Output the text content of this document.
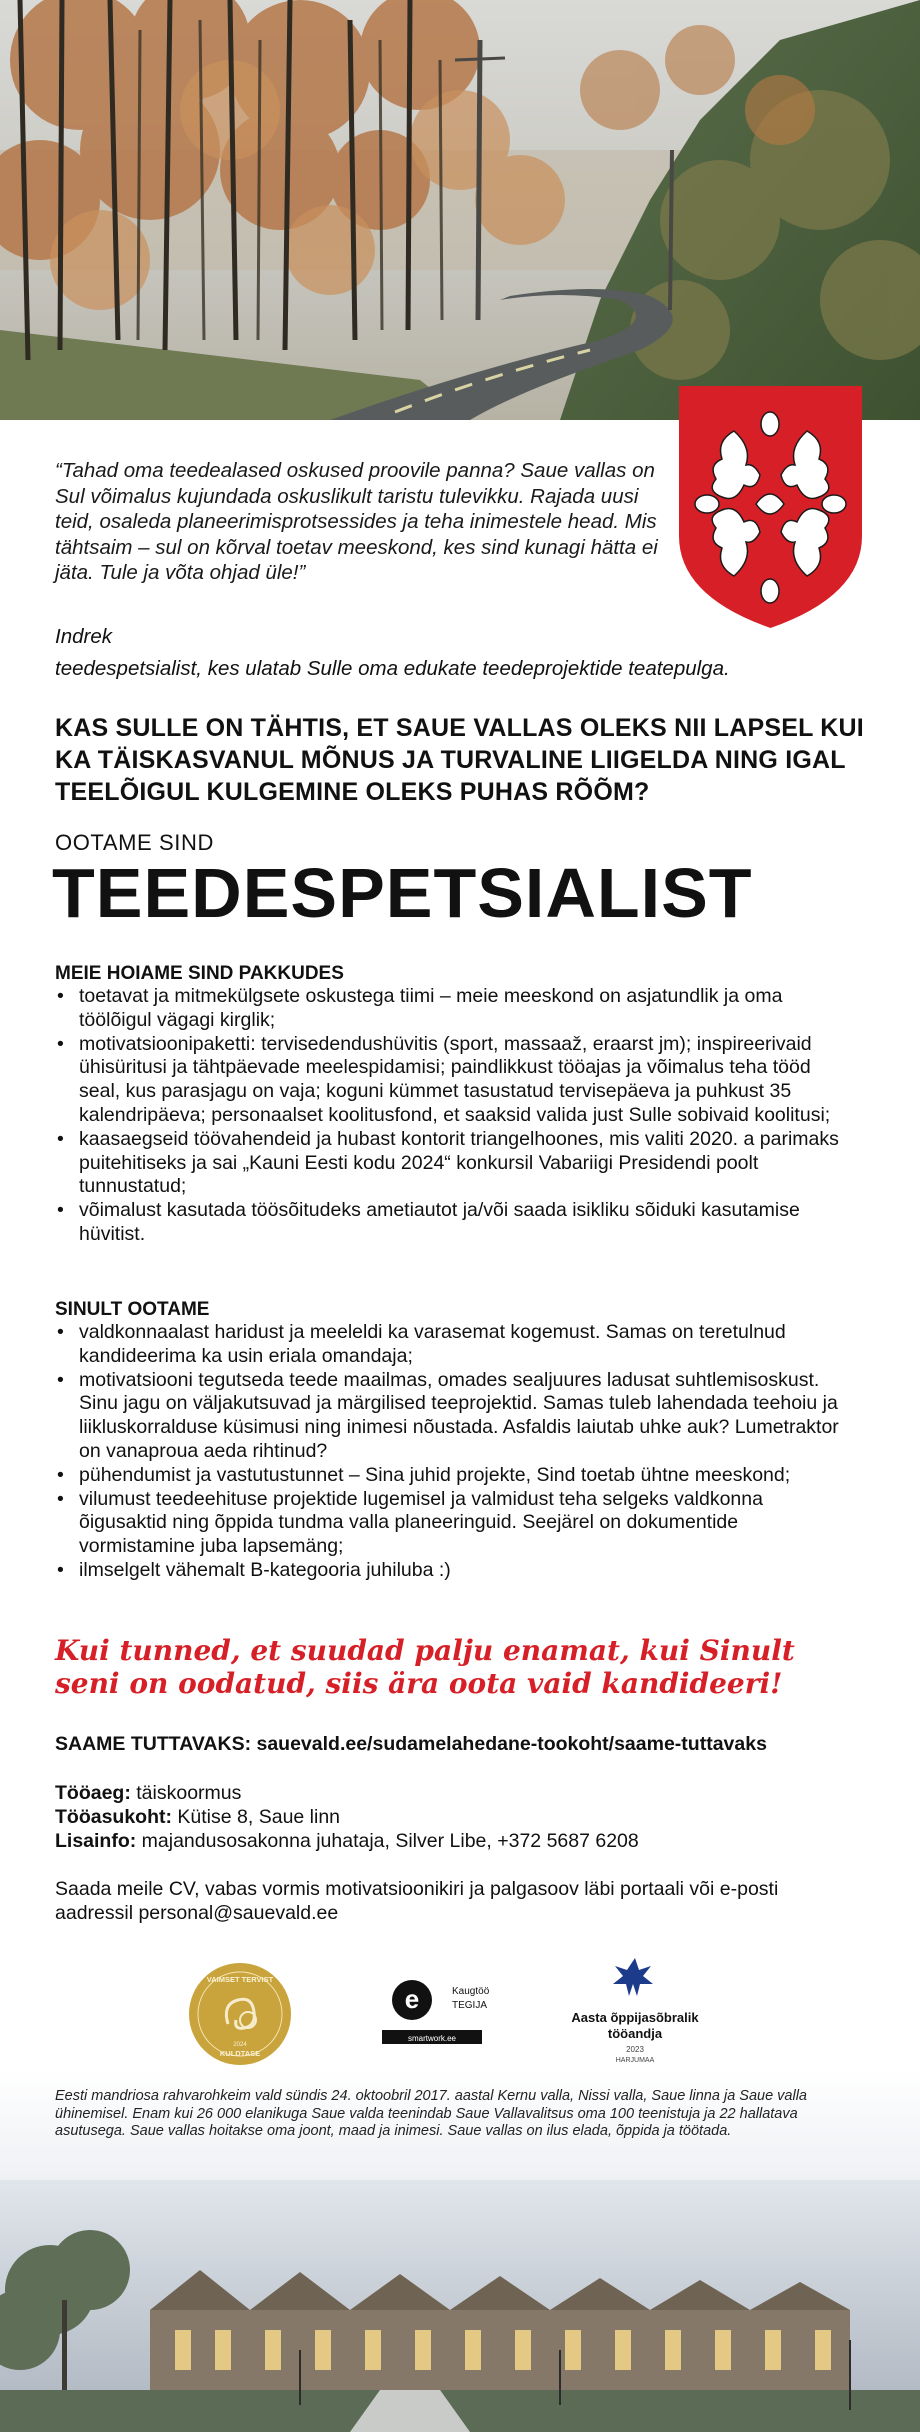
“Tahad oma teedealased oskused proovile panna? Saue vallas on Sul võimalus kujundada oskuslikult taristu tulevikku. Rajada uusi teid, osaleda planeerimisprotsessides ja teha inimestele head. Mis tähtsaim – sul on kõrval toetav meeskond, kes sind kunagi hätta ei jäta. Tule ja võta ohjad üle!”

Indrek

teedespetsialist, kes ulatab Sulle oma edukate teedeprojektide teatepulga.

KAS SULLE ON TÄHTIS, ET SAUE VALLAS OLEKS NII LAPSEL KUI KA TÄISKASVANUL MÕNUS JA TURVALINE LIIGELDA NING IGAL TEELÕIGUL KULGEMINE OLEKS PUHAS RÕÕM?
OOTAME SIND
TEEDESPETSIALIST
MEIE HOIAME SIND PAKKUDES
• toetavat ja mitmekülgsete oskustega tiimi – meie meeskond on asjatundlik ja oma töölõigul vägagi kirglik;
• motivatsioonipaketti: tervisedendushüvitis (sport, massaaž, eraarst jm); inspireerivaid ühisüritusi ja tähtpäevade meelespidamisi; paindlikkust tööajas ja võimalus teha tööd seal, kus parasjagu on vaja; koguni kümmet tasustatud tervisepäeva ja puhkust 35 kalendripäeva; personaalset koolitusfond, et saaksid valida just Sulle sobivaid koolitusi;
• kaasaegseid töövahendeid ja hubast kontorit triangelhoones, mis valiti 2020. a parimaks puitehitiseks ja sai „Kauni Eesti kodu 2024“ konkursil Vabariigi Presidendi poolt tunnustatud;
• võimalust kasutada töösõitudeks ametiautot ja/või saada isikliku sõiduki kasutamise hüvitist.
SINULT OOTAME
• valdkonnaalast haridust ja meeleldi ka varasemat kogemust. Samas on teretulnud kandideerima ka usin eriala omandaja;
• motivatsiooni tegutseda teede maailmas, omades sealjuures ladusat suhtlemisoskust. Sinu jagu on väljakutsuvad ja märgilised teeprojektid. Samas tuleb lahendada teehoiu ja liikluskorralduse küsimusi ning inimesi nõustada. Asfaldis laiutab uhke auk? Lumetraktor on vanaproua aeda rihtinud?
• pühendumist ja vastutustunnet – Sina juhid projekte, Sind toetab ühtne meeskond;
• vilumust teedeehituse projektide lugemisel ja valmidust teha selgeks valdkonna õigusaktid ning õppida tundma valla planeeringuid. Seejärel on dokumentide vormistamine juba lapsemäng;
• ilmselgelt vähemalt B-kategooria juhiluba :)

Kui tunned, et suudad palju enamat, kui Sinult seni on oodatud, siis ära oota vaid kandideeri!

SAAME TUTTAVAKS: sauevald.ee/sudamelahedane-tookoht/saame-tuttavaks

Tööaeg: täiskoormus
Tööasukoht: Kütise 8, Saue linn
Lisainfo: majandusosakonna juhataja, Silver Libe, +372 5687 6208

Saada meile CV, vabas vormis motivatsioonikiri ja palgasoov läbi portaali või e-posti aadressil personal@sauevald.ee

VAIMSET TERVIST
2024
KULDTASE
e	Kaugtöö
TEGIJA
smartwork.ee
Aasta õppijasõbralik
tööandja
2023
HARJUMAA

Eesti mandriosa rahvarohkeim vald sündis 24. oktoobril 2017. aastal Kernu valla, Nissi valla, Saue linna ja Saue valla ühinemisel. Enam kui 26 000 elanikuga Saue valda teenindab Saue Vallavalitsus oma 100 teenistuja ja 22 hallatava asutusega. Saue vallas hoitakse oma joont, maad ja inimesi. Saue vallas on ilus elada, õppida ja töötada.
